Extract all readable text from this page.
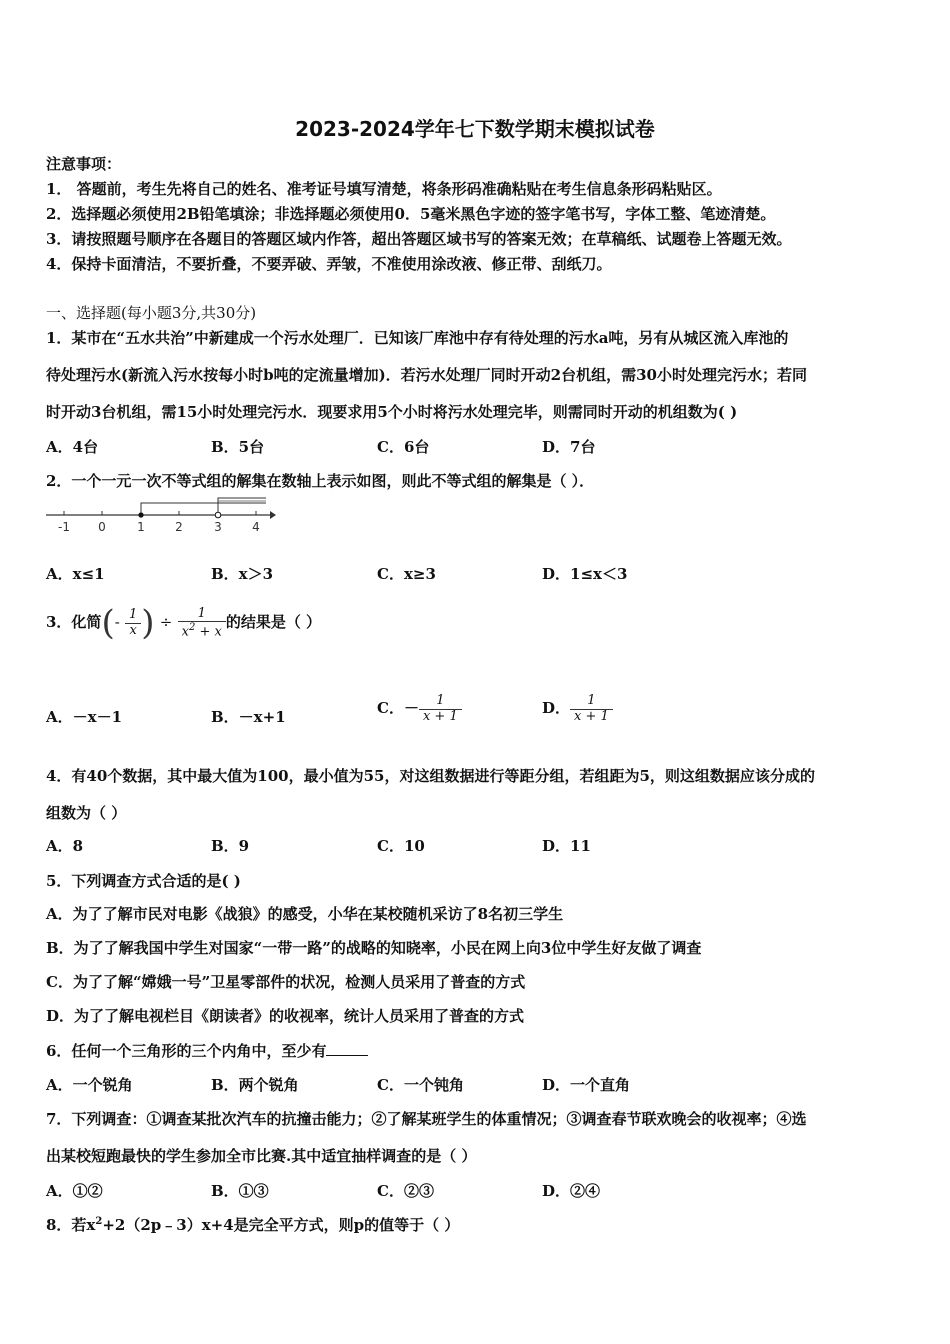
2023-2024学年七下数学期末模拟试卷
注意事项：
1． 答题前，考生先将自己的姓名、准考证号填写清楚，将条形码准确粘贴在考生信息条形码粘贴区。
2．选择题必须使用2B铅笔填涂；非选择题必须使用0．5毫米黑色字迹的签字笔书写，字体工整、笔迹清楚。
3．请按照题号顺序在各题目的答题区域内作答，超出答题区域书写的答案无效；在草稿纸、试题卷上答题无效。
4．保持卡面清洁，不要折叠，不要弄破、弄皱，不准使用涂改液、修正带、刮纸刀。
一、选择题(每小题3分,共30分)
1．某市在“五水共治”中新建成一个污水处理厂．已知该厂库池中存有待处理的污水a吨，另有从城区流入库池的
待处理污水(新流入污水按每小时b吨的定流量增加)．若污水处理厂同时开动2台机组，需30小时处理完污水；若同
时开动3台机组，需15小时处理完污水．现要求用5个小时将污水处理完毕，则需同时开动的机组数为( )
A．4台	B．5台	C．6台	D．7台
2．一个一元一次不等式组的解集在数轴上表示如图，则此不等式组的解集是（ ）．
-1 0	1	2	3	4
A．x≤1	B．x＞3	C．x≥3	D．1≤x＜3
3．化简(- $\frac{1}{x}$ ) ÷ $\frac{1}{x^2 + x}$ 的结果是（ ）
A．－x－1	B．－x+1	C．－ $\frac{1}{x + 1}$	D． $\frac{1}{x + 1}$
4．有40个数据，其中最大值为100，最小值为55，对这组数据进行等距分组，若组距为5，则这组数据应该分成的
组数为（ ）
A．8	B．9	C．10	D．11
5．下列调查方式合适的是( )
A．为了了解市民对电影《战狼》的感受，小华在某校随机采访了8名初三学生
B．为了了解我国中学生对国家“一带一路”的战略的知晓率，小民在网上向3位中学生好友做了调查
C．为了了解“嫦娥一号”卫星零部件的状况，检测人员采用了普查的方式
D．为了了解电视栏目《朗读者》的收视率，统计人员采用了普查的方式
6．任何一个三角形的三个内角中，至少有
A．一个锐角	B．两个锐角	C．一个钝角	D．一个直角
7．下列调查：①调查某批次汽车的抗撞击能力；②了解某班学生的体重情况；③调查春节联欢晚会的收视率；④选
出某校短跑最快的学生参加全市比赛.其中适宜抽样调查的是（ ）
A．①②	B．①③	C．②③	D．②④
8．若$x^2+2(2p﹣3)x+4$是完全平方式，则p的值等于（ ）
